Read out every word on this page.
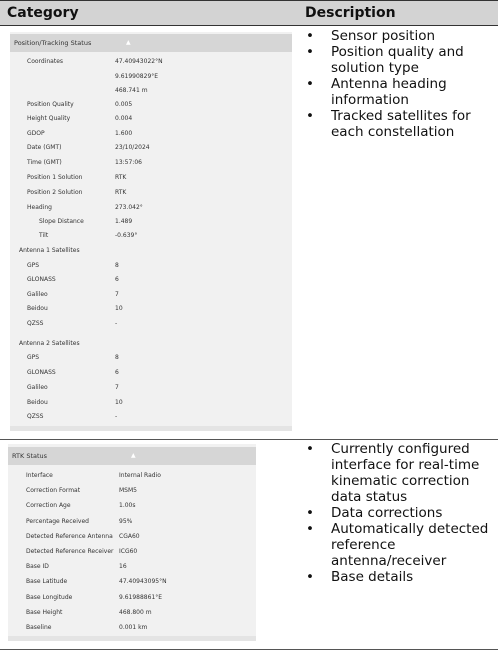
Category	Description
Position/Tracking Status	▲
Coordinates	47.40943022°N
9.61990829°E
468.741 m
Position Quality	0.005
Height Quality	0.004
GDOP	1.600
Date (GMT)	23/10/2024
Time (GMT)	13:57:06
Position 1 Solution	RTK
Position 2 Solution	RTK
Heading	273.042°
Slope Distance	1.489
Tilt	-0.639°
Antenna 1 Satellites
GPS	8
GLONASS	6
Galileo	7
Beidou	10
QZSS	-
Antenna 2 Satellites
GPS	8
GLONASS	6
Galileo	7
Beidou	10
QZSS	-
• Sensor position
• Position quality and solution type
• Antenna heading information
• Tracked satellites for each constellation
RTK Status	▲
Interface	Internal Radio
Correction Format	MSM5
Correction Age	1.00s
Percentage Received	95%
Detected Reference Antenna CGA60
Detected Reference Receiver ICG60
Base ID	16
Base Latitude	47.40943095°N
Base Longitude	9.61988861°E
Base Height	468.800 m
Baseline	0.001 km
• Currently configured interface for real-time kinematic correction data status
• Data corrections
• Automatically detected reference antenna/receiver
• Base details
